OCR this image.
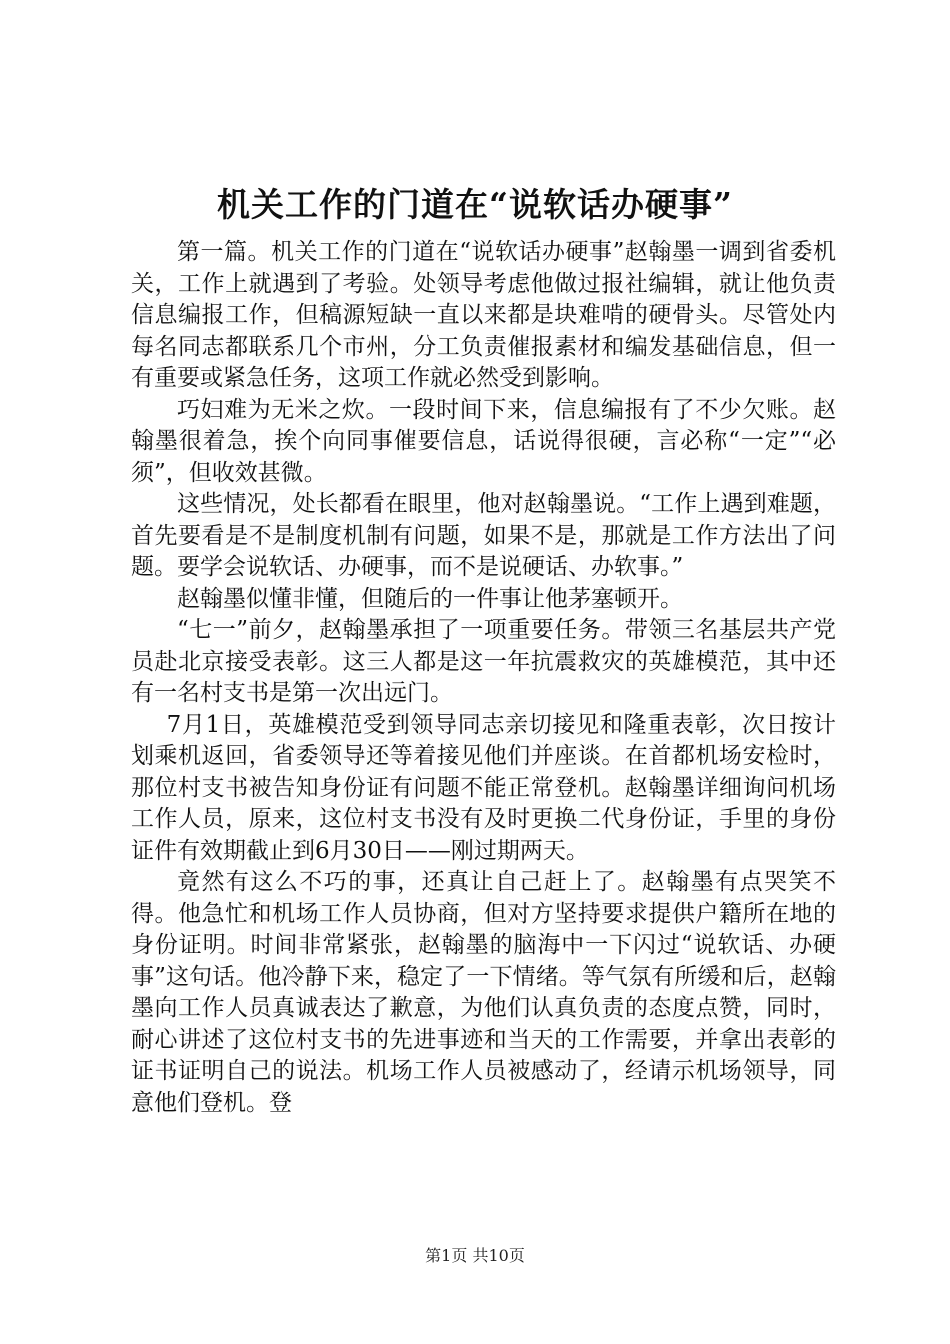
机关工作的门道在“说软话办硬事”

第一篇。机关工作的门道在“说软话办硬事”赵翰墨一调到省委机关，工作上就遇到了考验。处领导考虑他做过报社编辑，就让他负责信息编报工作，但稿源短缺一直以来都是块难啃的硬骨头。尽管处内每名同志都联系几个市州，分工负责催报素材和编发基础信息，但一有重要或紧急任务，这项工作就必然受到影响。

巧妇难为无米之炊。一段时间下来，信息编报有了不少欠账。赵翰墨很着急，挨个向同事催要信息，话说得很硬，言必称“一定”“必须”，但收效甚微。

这些情况，处长都看在眼里，他对赵翰墨说。“工作上遇到难题，首先要看是不是制度机制有问题，如果不是，那就是工作方法出了问题。要学会说软话、办硬事，而不是说硬话、办软事。”

赵翰墨似懂非懂，但随后的一件事让他茅塞顿开。

“七一”前夕，赵翰墨承担了一项重要任务。带领三名基层共产党员赴北京接受表彰。这三人都是这一年抗震救灾的英雄模范，其中还有一名村支书是第一次出远门。

7月1日，英雄模范受到领导同志亲切接见和隆重表彰，次日按计划乘机返回，省委领导还等着接见他们并座谈。在首都机场安检时，那位村支书被告知身份证有问题不能正常登机。赵翰墨详细询问机场工作人员，原来，这位村支书没有及时更换二代身份证，手里的身份证件有效期截止到6月30日——刚过期两天。

竟然有这么不巧的事，还真让自己赶上了。赵翰墨有点哭笑不得。他急忙和机场工作人员协商，但对方坚持要求提供户籍所在地的身份证明。时间非常紧张，赵翰墨的脑海中一下闪过“说软话、办硬事”这句话。他冷静下来，稳定了一下情绪。等气氛有所缓和后，赵翰墨向工作人员真诚表达了歉意，为他们认真负责的态度点赞，同时，耐心讲述了这位村支书的先进事迹和当天的工作需要，并拿出表彰的证书证明自己的说法。机场工作人员被感动了，经请示机场领导，同意他们登机。登

第1页 共10页
